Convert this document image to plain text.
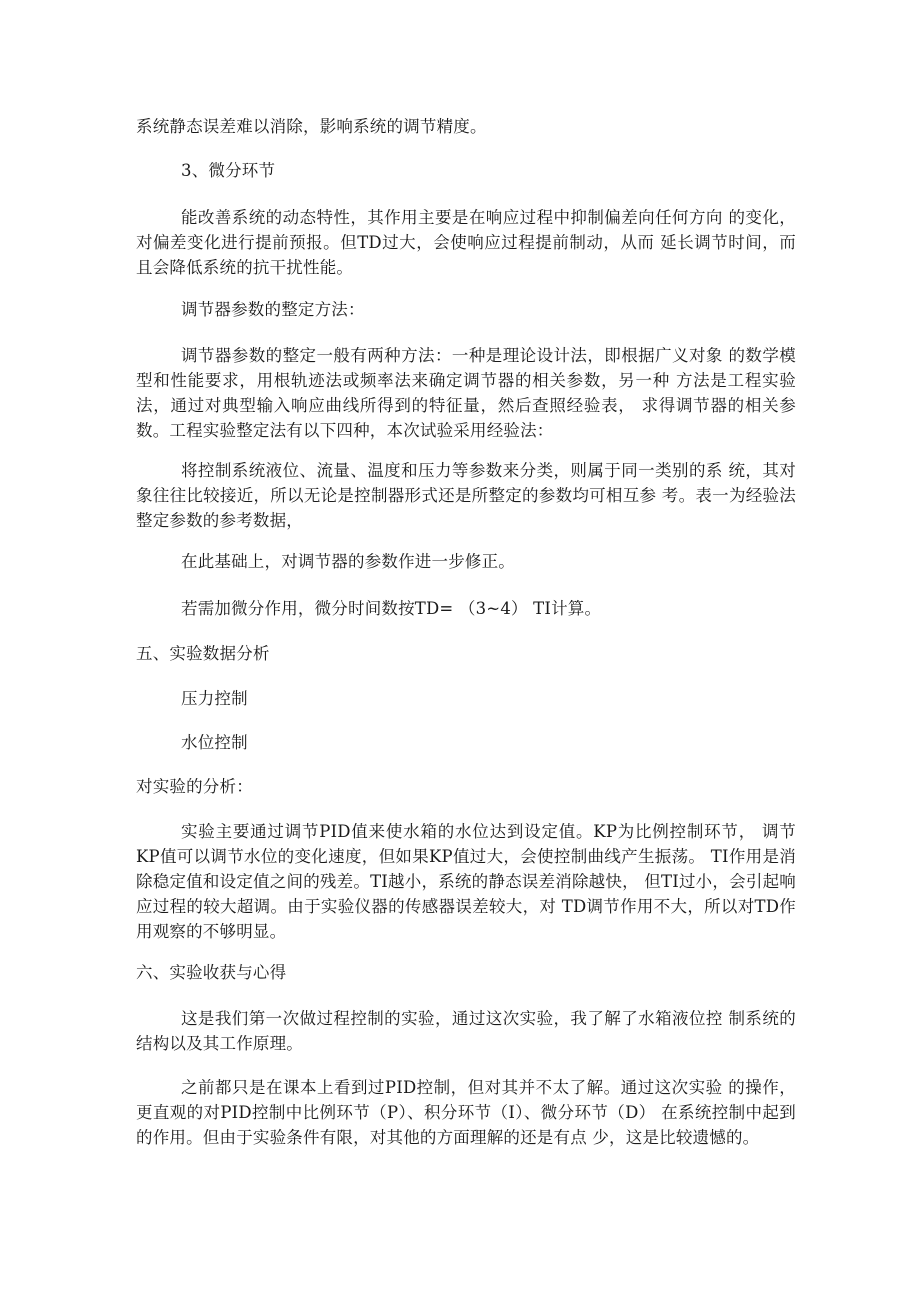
系统静态误差难以消除，影响系统的调节精度。
3、微分环节
能改善系统的动态特性，其作用主要是在响应过程中抑制偏差向任何方向 的变化，对偏差变化进行提前预报。但TD过大，会使响应过程提前制动，从而 延长调节时间，而且会降低系统的抗干扰性能。
调节器参数的整定方法：
调节器参数的整定一般有两种方法：一种是理论设计法，即根据广义对象 的数学模型和性能要求，用根轨迹法或频率法来确定调节器的相关参数，另一种 方法是工程实验法，通过对典型输入响应曲线所得到的特征量，然后查照经验表， 求得调节器的相关参数。工程实验整定法有以下四种，本次试验采用经验法：
将控制系统液位、流量、温度和压力等参数来分类，则属于同一类别的系 统，其对象往往比较接近，所以无论是控制器形式还是所整定的参数均可相互参 考。表一为经验法整定参数的参考数据，
在此基础上，对调节器的参数作进一步修正。
若需加微分作用，微分时间数按TD= （3~4） TI计算。
五、实验数据分析
压力控制
水位控制
对实验的分析：
实验主要通过调节PID值来使水箱的水位达到设定值。KP为比例控制环节， 调节KP值可以调节水位的变化速度，但如果KP值过大，会使控制曲线产生振荡。 TI作用是消除稳定值和设定值之间的残差。TI越小，系统的静态误差消除越快， 但TI过小，会引起响应过程的较大超调。由于实验仪器的传感器误差较大，对 TD调节作用不大，所以对TD作用观察的不够明显。
六、实验收获与心得
这是我们第一次做过程控制的实验，通过这次实验，我了解了水箱液位控 制系统的结构以及其工作原理。
之前都只是在课本上看到过PID控制，但对其并不太了解。通过这次实验 的操作，更直观的对PID控制中比例环节（P）、积分环节（I）、微分环节（D） 在系统控制中起到的作用。但由于实验条件有限，对其他的方面理解的还是有点 少，这是比较遗憾的。
